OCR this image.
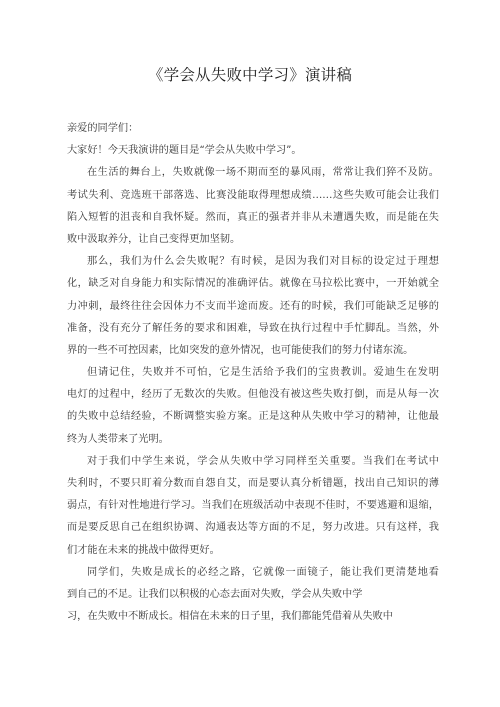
《学会从失败中学习》演讲稿
亲爱的同学们：
大家好！今天我演讲的题目是“学会从失败中学习”。
在生活的舞台上，失败就像一场不期而至的暴风雨，常常让我们猝不及防。
考试失利、竞选班干部落选、比赛没能取得理想成绩……这些失败可能会让我们
陷入短暂的沮丧和自我怀疑。然而，真正的强者并非从未遭遇失败，而是能在失
败中汲取养分，让自己变得更加坚韧。
那么，我们为什么会失败呢？有时候，是因为我们对目标的设定过于理想
化，缺乏对自身能力和实际情况的准确评估。就像在马拉松比赛中，一开始就全
力冲刺，最终往往会因体力不支而半途而废。还有的时候，我们可能缺乏足够的
准备，没有充分了解任务的要求和困难，导致在执行过程中手忙脚乱。当然，外
界的一些不可控因素，比如突发的意外情况，也可能使我们的努力付诸东流。
但请记住，失败并不可怕，它是生活给予我们的宝贵教训。爱迪生在发明
电灯的过程中，经历了无数次的失败。但他没有被这些失败打倒，而是从每一次
的失败中总结经验，不断调整实验方案。正是这种从失败中学习的精神，让他最
终为人类带来了光明。
对于我们中学生来说，学会从失败中学习同样至关重要。当我们在考试中
失利时，不要只盯着分数而自怨自艾，而是要认真分析错题，找出自己知识的薄
弱点，有针对性地进行学习。当我们在班级活动中表现不佳时，不要逃避和退缩，
而是要反思自己在组织协调、沟通表达等方面的不足，努力改进。只有这样，我
们才能在未来的挑战中做得更好。
同学们，失败是成长的必经之路，它就像一面镜子，能让我们更清楚地看
到自己的不足。让我们以积极的心态去面对失败，学会从失败中学
习，在失败中不断成长。相信在未来的日子里，我们都能凭借着从失败中
